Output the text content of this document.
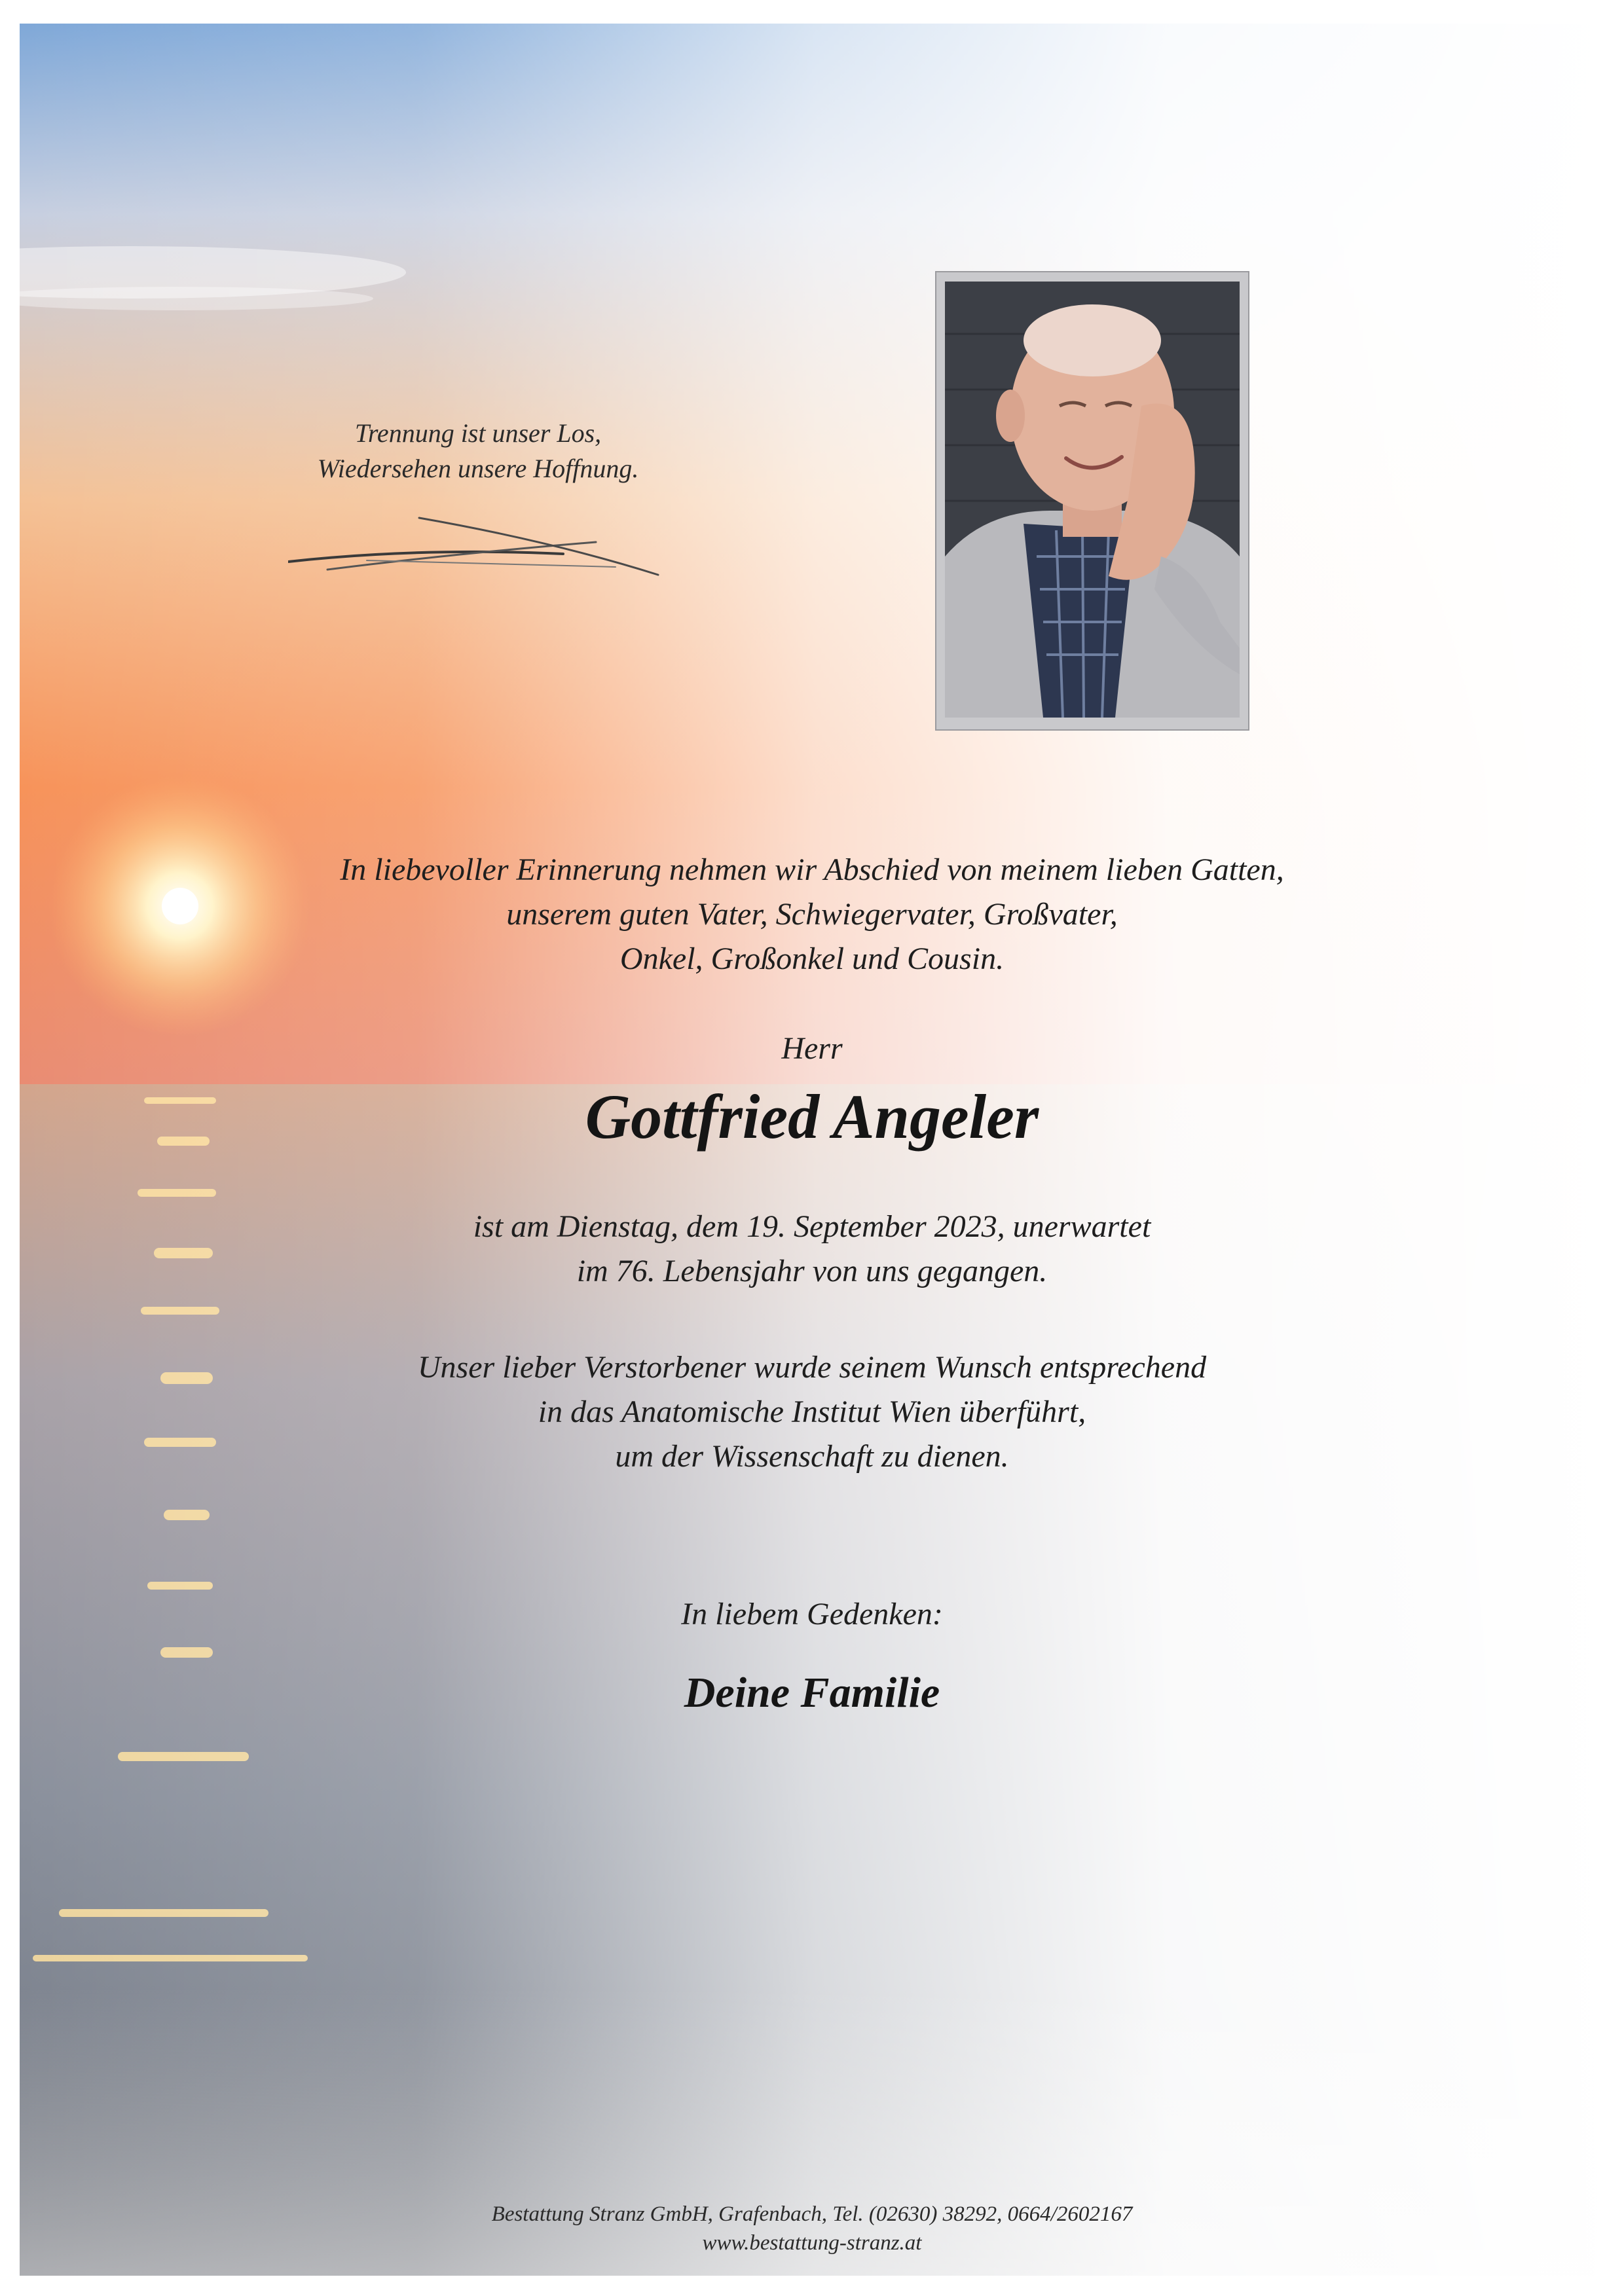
Trennung ist unser Los,
Wiedersehen unsere Hoffnung.
In liebevoller Erinnerung nehmen wir Abschied von meinem lieben Gatten,
unserem guten Vater, Schwiegervater, Großvater,
Onkel, Großonkel und Cousin.
Herr
Gottfried Angeler
ist am Dienstag, dem 19. September 2023, unerwartet
im 76. Lebensjahr von uns gegangen.
Unser lieber Verstorbener wurde seinem Wunsch entsprechend
in das Anatomische Institut Wien überführt,
um der Wissenschaft zu dienen.
In liebem Gedenken:
Deine Familie
Bestattung Stranz GmbH, Grafenbach, Tel. (02630) 38292, 0664/2602167
www.bestattung-stranz.at
